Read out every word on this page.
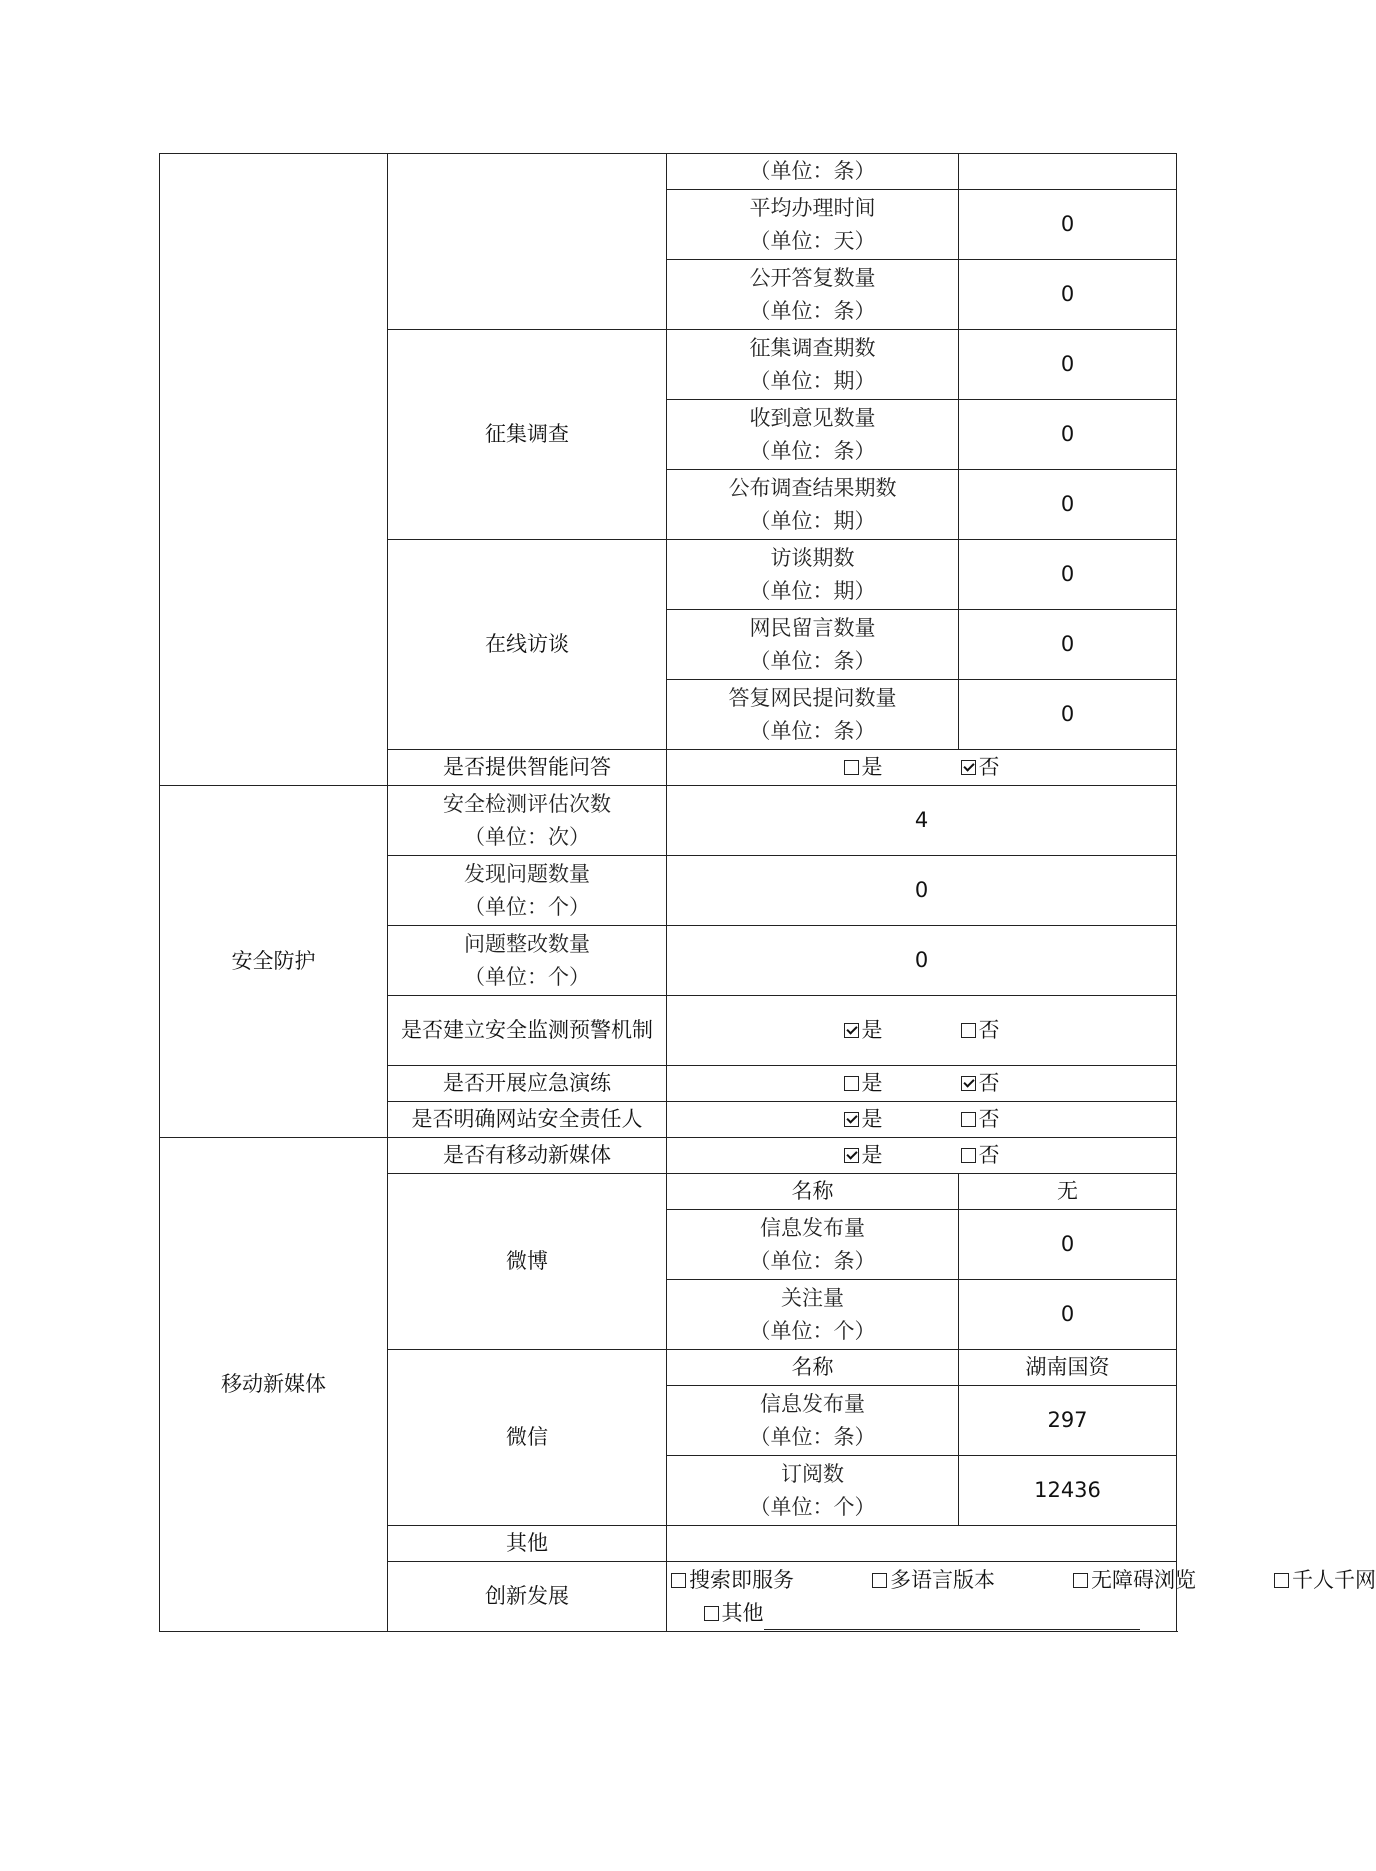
		（单位：条）	

		平均办理时间
（单位：天）	0

		公开答复数量
（单位：条）	0
	征集调查	征集调查期数
（单位：期）	0

		收到意见数量
（单位：条）	0

		公布调查结果期数
（单位：期）	0
	在线访谈	访谈期数
（单位：期）	0

		网民留言数量
（单位：条）	0

		答复网民提问数量
（单位：条）	0
	是否提供智能问答	是 否	
安全防护	安全检测评估次数
（单位：次）	4	

	发现问题数量
（单位：个）	0	

	问题整改数量
（单位：个）	0	
	是否建立安全监测预警机制	是 否	
	是否开展应急演练	是 否	
	是否明确网站安全责任人	是 否	
移动新媒体	是否有移动新媒体	是 否	
	微博	名称	无

		信息发布量
（单位：条）	0

		关注量
（单位：个）	0
	微信	名称	湖南国资

		信息发布量
（单位：条）	297

		订阅数
（单位：个）	12436
	其他		
	创新发展	搜索即服务 多语言版本 无障碍浏览 千人千网
其他	
